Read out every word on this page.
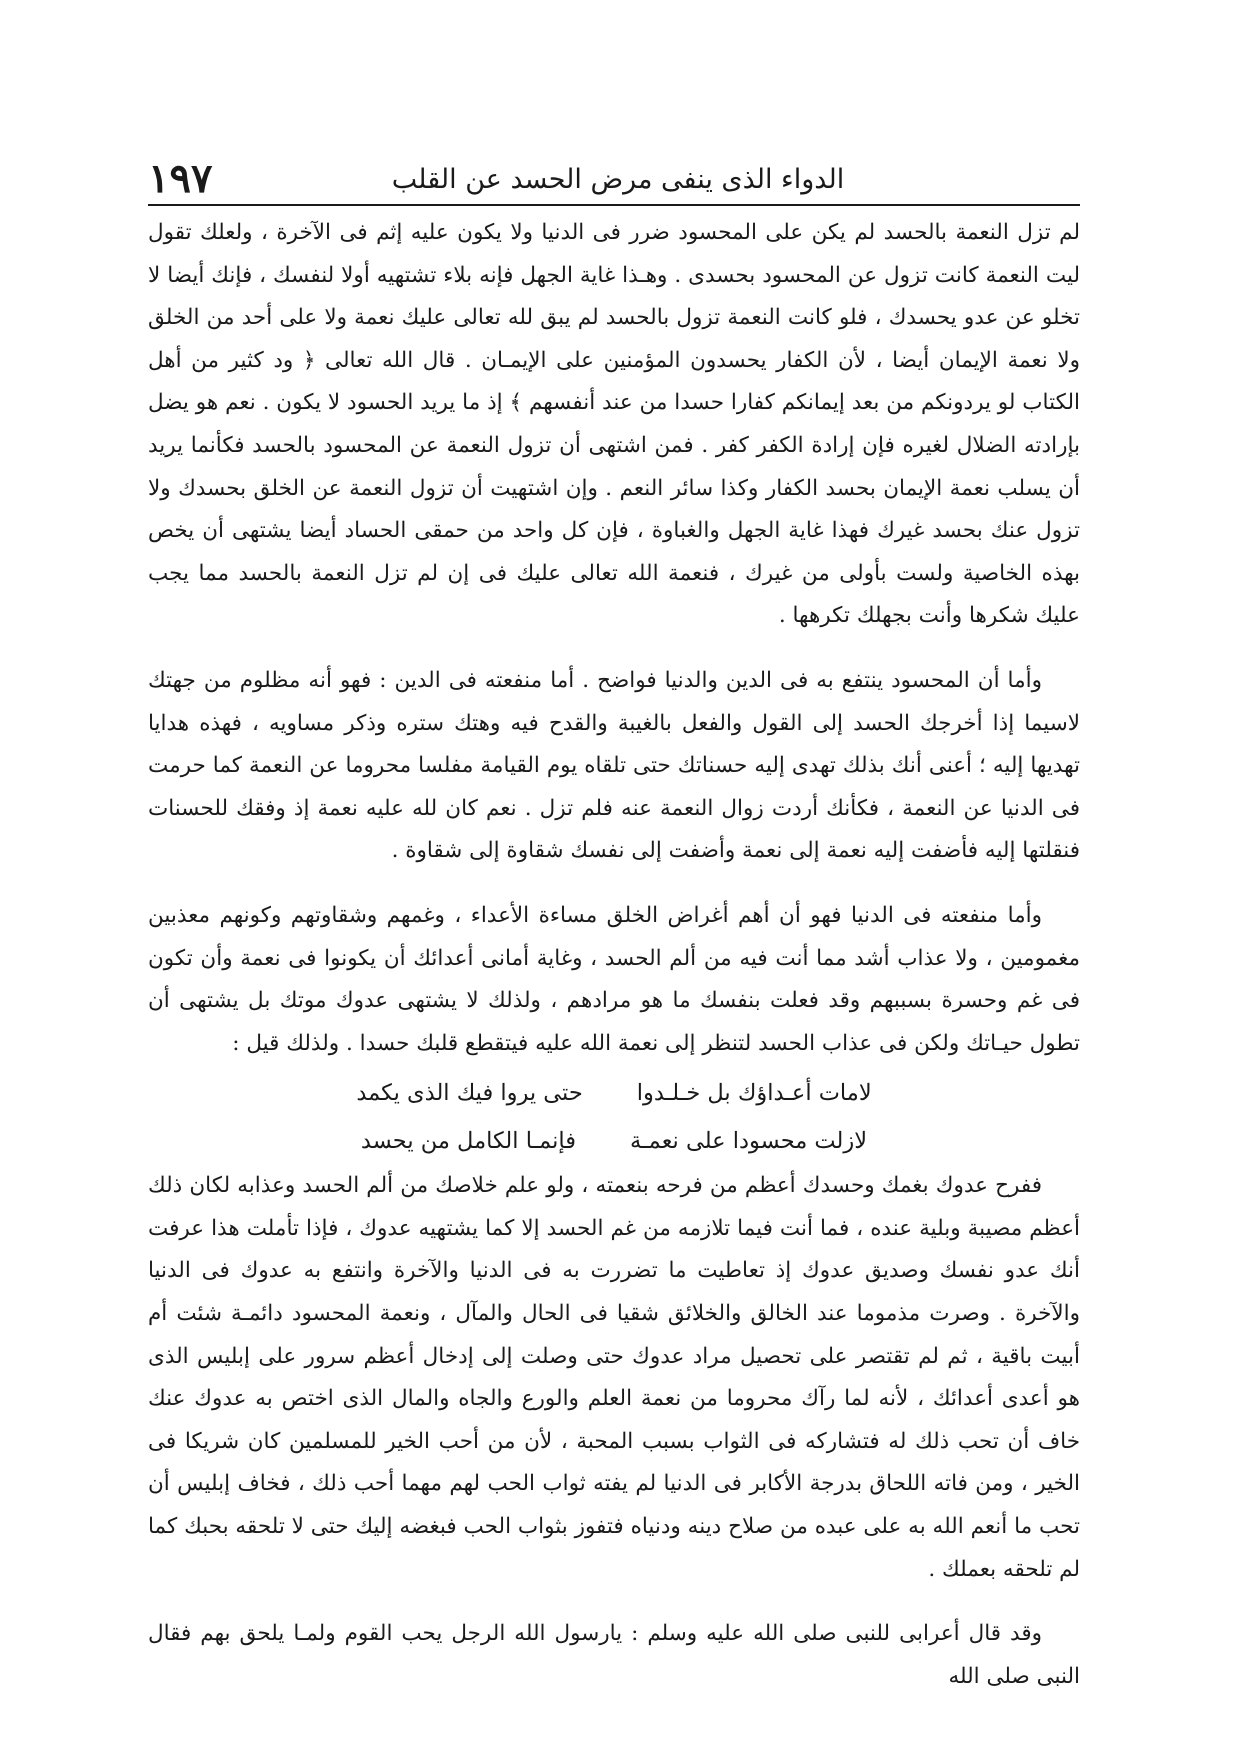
١٩٧	الدواء الذى ينفى مرض الحسد عن القلب

لم تزل النعمة بالحسد لم يكن على المحسود ضرر فى الدنيا ولا يكون عليه إثم فى الآخرة ، ولعلك تقول ليت النعمة كانت تزول عن المحسود بحسدى . وهـذا غاية الجهل فإنه بلاء تشتهيه أولا لنفسك ، فإنك أيضا لا تخلو عن عدو يحسدك ، فلو كانت النعمة تزول بالحسد لم يبق لله تعالى عليك نعمة ولا على أحد من الخلق ولا نعمة الإيمان أيضا ، لأن الكفار يحسدون المؤمنين على الإيمـان . قال الله تعالى ﴿ ود كثير من أهل الكتاب لو يردونكم من بعد إيمانكم كفارا حسدا من عند أنفسهم ﴾ إذ ما يريد الحسود لا يكون . نعم هو يضل بإرادته الضلال لغيره فإن إرادة الكفر كفر . فمن اشتهى أن تزول النعمة عن المحسود بالحسد فكأنما يريد أن يسلب نعمة الإيمان بحسد الكفار وكذا سائر النعم . وإن اشتهيت أن تزول النعمة عن الخلق بحسدك ولا تزول عنك بحسد غيرك فهذا غاية الجهل والغباوة ، فإن كل واحد من حمقى الحساد أيضا يشتهى أن يخص بهذه الخاصية ولست بأولى من غيرك ، فنعمة الله تعالى عليك فى إن لم تزل النعمة بالحسد مما يجب عليك شكرها وأنت بجهلك تكرهها .

وأما أن المحسود ينتفع به فى الدين والدنيا فواضح . أما منفعته فى الدين : فهو أنه مظلوم من جهتك لاسيما إذا أخرجك الحسد إلى القول والفعل بالغيبة والقدح فيه وهتك ستره وذكر مساويه ، فهذه هدايا تهديها إليه ؛ أعنى أنك بذلك تهدى إليه حسناتك حتى تلقاه يوم القيامة مفلسا محروما عن النعمة كما حرمت فى الدنيا عن النعمة ، فكأنك أردت زوال النعمة عنه فلم تزل . نعم كان لله عليه نعمة إذ وفقك للحسنات فنقلتها إليه فأضفت إليه نعمة إلى نعمة وأضفت إلى نفسك شقاوة إلى شقاوة .

وأما منفعته فى الدنيا فهو أن أهم أغراض الخلق مساءة الأعداء ، وغمهم وشقاوتهم وكونهم معذبين مغمومين ، ولا عذاب أشد مما أنت فيه من ألم الحسد ، وغاية أمانى أعدائك أن يكونوا فى نعمة وأن تكون فى غم وحسرة بسببهم وقد فعلت بنفسك ما هو مرادهم ، ولذلك لا يشتهى عدوك موتك بل يشتهى أن تطول حيـاتك ولكن فى عذاب الحسد لتنظر إلى نعمة الله عليه فيتقطع قلبك حسدا . ولذلك قيل :

لامات أعـداؤك بل خـلـدوا
حتى يروا فيك الذى يكمد
لازلت محسودا على نعمـة
فإنمـا الكامل من يحسد

ففرح عدوك بغمك وحسدك أعظم من فرحه بنعمته ، ولو علم خلاصك من ألم الحسد وعذابه لكان ذلك أعظم مصيبة وبلية عنده ، فما أنت فيما تلازمه من غم الحسد إلا كما يشتهيه عدوك ، فإذا تأملت هذا عرفت أنك عدو نفسك وصديق عدوك إذ تعاطيت ما تضررت به فى الدنيا والآخرة وانتفع به عدوك فى الدنيا والآخرة . وصرت مذموما عند الخالق والخلائق شقيا فى الحال والمآل ، ونعمة المحسود دائمـة شئت أم أبيت باقية ، ثم لم تقتصر على تحصيل مراد عدوك حتى وصلت إلى إدخال أعظم سرور على إبليس الذى هو أعدى أعدائك ، لأنه لما رآك محروما من نعمة العلم والورع والجاه والمال الذى اختص به عدوك عنك خاف أن تحب ذلك له فتشاركه فى الثواب بسبب المحبة ، لأن من أحب الخير للمسلمين كان شريكا فى الخير ، ومن فاته اللحاق بدرجة الأكابر فى الدنيا لم يفته ثواب الحب لهم مهما أحب ذلك ، فخاف إبليس أن تحب ما أنعم الله به على عبده من صلاح دينه ودنياه فتفوز بثواب الحب فبغضه إليك حتى لا تلحقه بحبك كما لم تلحقه بعملك .

وقد قال أعرابى للنبى صلى الله عليه وسلم : يارسول الله الرجل يحب القوم ولمـا يلحق بهم فقال النبى صلى الله
